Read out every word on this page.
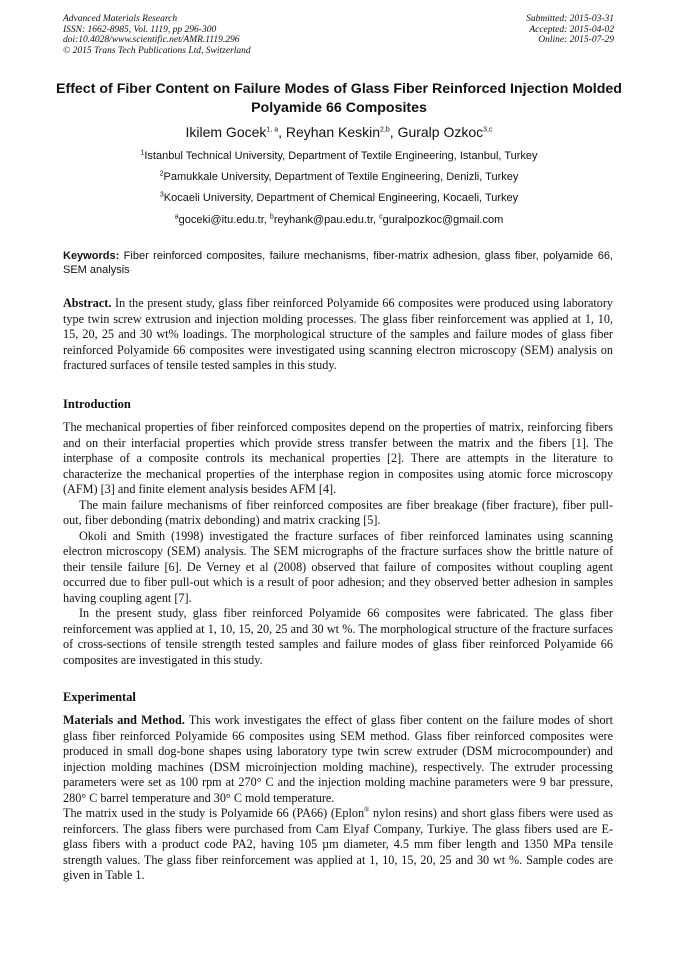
Advanced Materials Research
ISSN: 1662-8985, Vol. 1119, pp 296-300
doi:10.4028/www.scientific.net/AMR.1119.296
© 2015 Trans Tech Publications Ltd, Switzerland
Submitted: 2015-03-31
Accepted: 2015-04-02
Online: 2015-07-29
Effect of Fiber Content on Failure Modes of Glass Fiber Reinforced Injection Molded Polyamide 66 Composites
Ikilem Gocek$^{1, a}$, Reyhan Keskin$^{2,b}$, Guralp Ozkoc$^{3,c}$
$^1$Istanbul Technical University, Department of Textile Engineering, Istanbul, Turkey
$^2$Pamukkale University, Department of Textile Engineering, Denizli, Turkey
$^3$Kocaeli University, Department of Chemical Engineering, Kocaeli, Turkey
$^a$goceki@itu.edu.tr, $^b$reyhank@pau.edu.tr, $^c$guralpozkoc@gmail.com
Keywords: Fiber reinforced composites, failure mechanisms, fiber-matrix adhesion, glass fiber, polyamide 66, SEM analysis

Abstract. In the present study, glass fiber reinforced Polyamide 66 composites were produced using laboratory type twin screw extrusion and injection molding processes. The glass fiber reinforcement was applied at 1, 10, 15, 20, 25 and 30 wt% loadings. The morphological structure of the samples and failure modes of glass fiber reinforced Polyamide 66 composites were investigated using scanning electron microscopy (SEM) analysis on fractured surfaces of tensile tested samples in this study.

Introduction

The mechanical properties of fiber reinforced composites depend on the properties of matrix, reinforcing fibers and on their interfacial properties which provide stress transfer between the matrix and the fibers [1]. The interphase of a composite controls its mechanical properties [2]. There are attempts in the literature to characterize the mechanical properties of the interphase region in composites using atomic force microscopy (AFM) [3] and finite element analysis besides AFM [4].

The main failure mechanisms of fiber reinforced composites are fiber breakage (fiber fracture), fiber pull-out, fiber debonding (matrix debonding) and matrix cracking [5].

Okoli and Smith (1998) investigated the fracture surfaces of fiber reinforced laminates using scanning electron microscopy (SEM) analysis. The SEM micrographs of the fracture surfaces show the brittle nature of their tensile failure [6]. De Verney et al (2008) observed that failure of composites without coupling agent occurred due to fiber pull-out which is a result of poor adhesion; and they observed better adhesion in samples having coupling agent [7].

In the present study, glass fiber reinforced Polyamide 66 composites were fabricated. The glass fiber reinforcement was applied at 1, 10, 15, 20, 25 and 30 wt %. The morphological structure of the fracture surfaces of cross-sections of tensile strength tested samples and failure modes of glass fiber reinforced Polyamide 66 composites are investigated in this study.

Experimental

Materials and Method. This work investigates the effect of glass fiber content on the failure modes of short glass fiber reinforced Polyamide 66 composites using SEM method. Glass fiber reinforced composites were produced in small dog-bone shapes using laboratory type twin screw extruder (DSM microcompounder) and injection molding machines (DSM microinjection molding machine), respectively. The extruder processing parameters were set as 100 rpm at 270° C and the injection molding machine parameters were 9 bar pressure, 280° C barrel temperature and 30° C mold temperature.

The matrix used in the study is Polyamide 66 (PA66) (Eplon® nylon resins) and short glass fibers were used as reinforcers. The glass fibers were purchased from Cam Elyaf Company, Turkiye. The glass fibers used are E-glass fibers with a product code PA2, having 105 µm diameter, 4.5 mm fiber length and 1350 MPa tensile strength values. The glass fiber reinforcement was applied at 1, 10, 15, 20, 25 and 30 wt %. Sample codes are given in Table 1.
